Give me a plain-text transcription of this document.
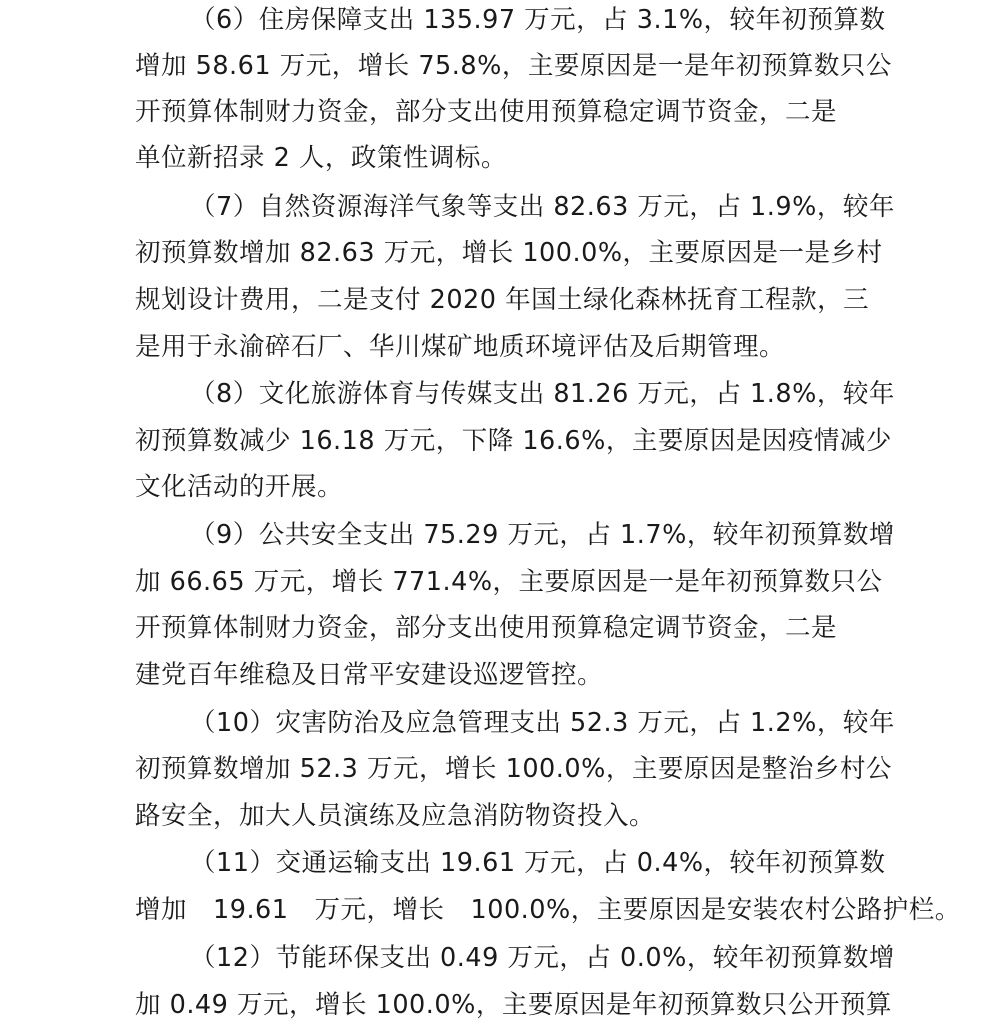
（6）住房保障支出 135.97 万元，占 3.1%，较年初预算数
增加 58.61 万元，增长 75.8%，主要原因是一是年初预算数只公
开预算体制财力资金，部分支出使用预算稳定调节资金，二是
单位新招录 2 人，政策性调标。
（7）自然资源海洋气象等支出 82.63 万元，占 1.9%，较年
初预算数增加 82.63 万元，增长 100.0%，主要原因是一是乡村
规划设计费用，二是支付 2020 年国土绿化森林抚育工程款，三
是用于永渝碎石厂、华川煤矿地质环境评估及后期管理。
（8）文化旅游体育与传媒支出 81.26 万元，占 1.8%，较年
初预算数减少 16.18 万元，下降 16.6%，主要原因是因疫情减少
文化活动的开展。
（9）公共安全支出 75.29 万元，占 1.7%，较年初预算数增
加 66.65 万元，增长 771.4%，主要原因是一是年初预算数只公
开预算体制财力资金，部分支出使用预算稳定调节资金，二是
建党百年维稳及日常平安建设巡逻管控。
（10）灾害防治及应急管理支出 52.3 万元，占 1.2%，较年
初预算数增加 52.3 万元，增长 100.0%，主要原因是整治乡村公
路安全，加大人员演练及应急消防物资投入。
（11）交通运输支出 19.61 万元，占 0.4%，较年初预算数
增加　19.61　万元，增长　100.0%，主要原因是安装农村公路护栏。
（12）节能环保支出 0.49 万元，占 0.0%，较年初预算数增
加 0.49 万元，增长 100.0%，主要原因是年初预算数只公开预算
